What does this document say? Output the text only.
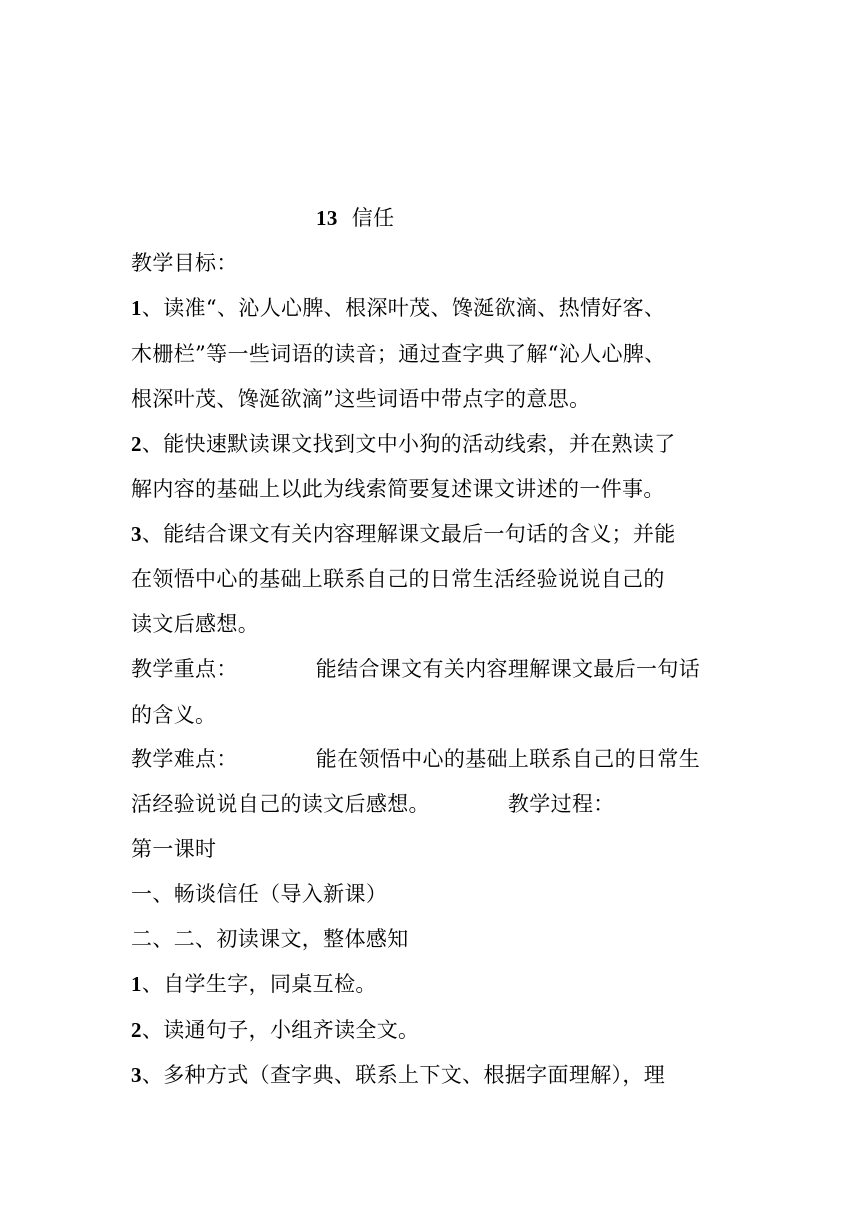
13 信任
教学目标：
1、读准“、沁人心脾、根深叶茂、馋涎欲滴、热情好客、
木栅栏”等一些词语的读音；通过查字典了解“沁人心脾、
根深叶茂、馋涎欲滴”这些词语中带点字的意思。
2、能快速默读课文找到文中小狗的活动线索，并在熟读了
解内容的基础上以此为线索简要复述课文讲述的一件事。
3、能结合课文有关内容理解课文最后一句话的含义；并能
在领悟中心的基础上联系自己的日常生活经验说说自己的
读文后感想。
教学重点：	能结合课文有关内容理解课文最后一句话
的含义。
教学难点：	能在领悟中心的基础上联系自己的日常生
活经验说说自己的读文后感想。	教学过程：
第一课时
一、畅谈信任（导入新课）
二、二、初读课文，整体感知
1、自学生字，同桌互检。
2、读通句子，小组齐读全文。
3、多种方式（查字典、联系上下文、根据字面理解），理
